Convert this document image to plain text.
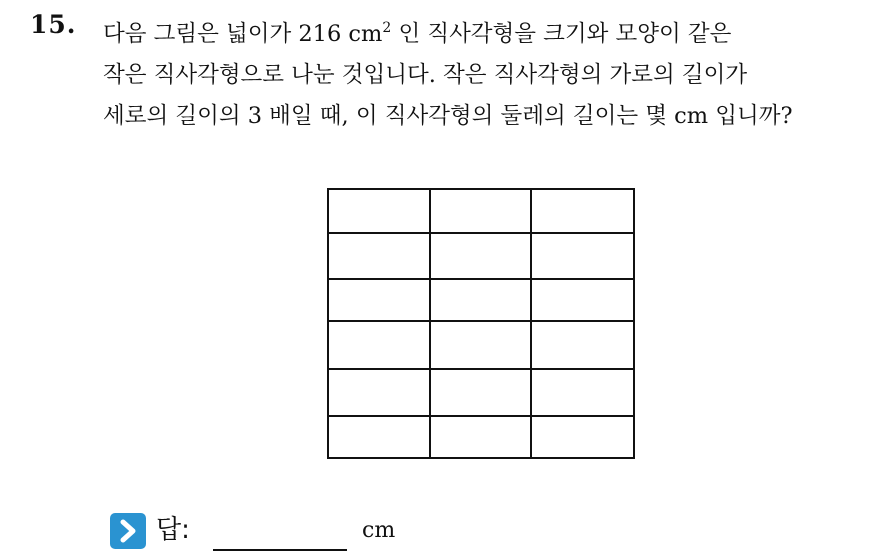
15. 다음 그림은 넓이가 216 $cm^2$ 인 직사각형을 크기와 모양이 같은
작은 직사각형으로 나눈 것입니다. 작은 직사각형의 가로의 길이가
세로의 길이의 3 배일 때, 이 직사각형의 둘레의 길이는 몇 cm 입니까?
답:	cm
